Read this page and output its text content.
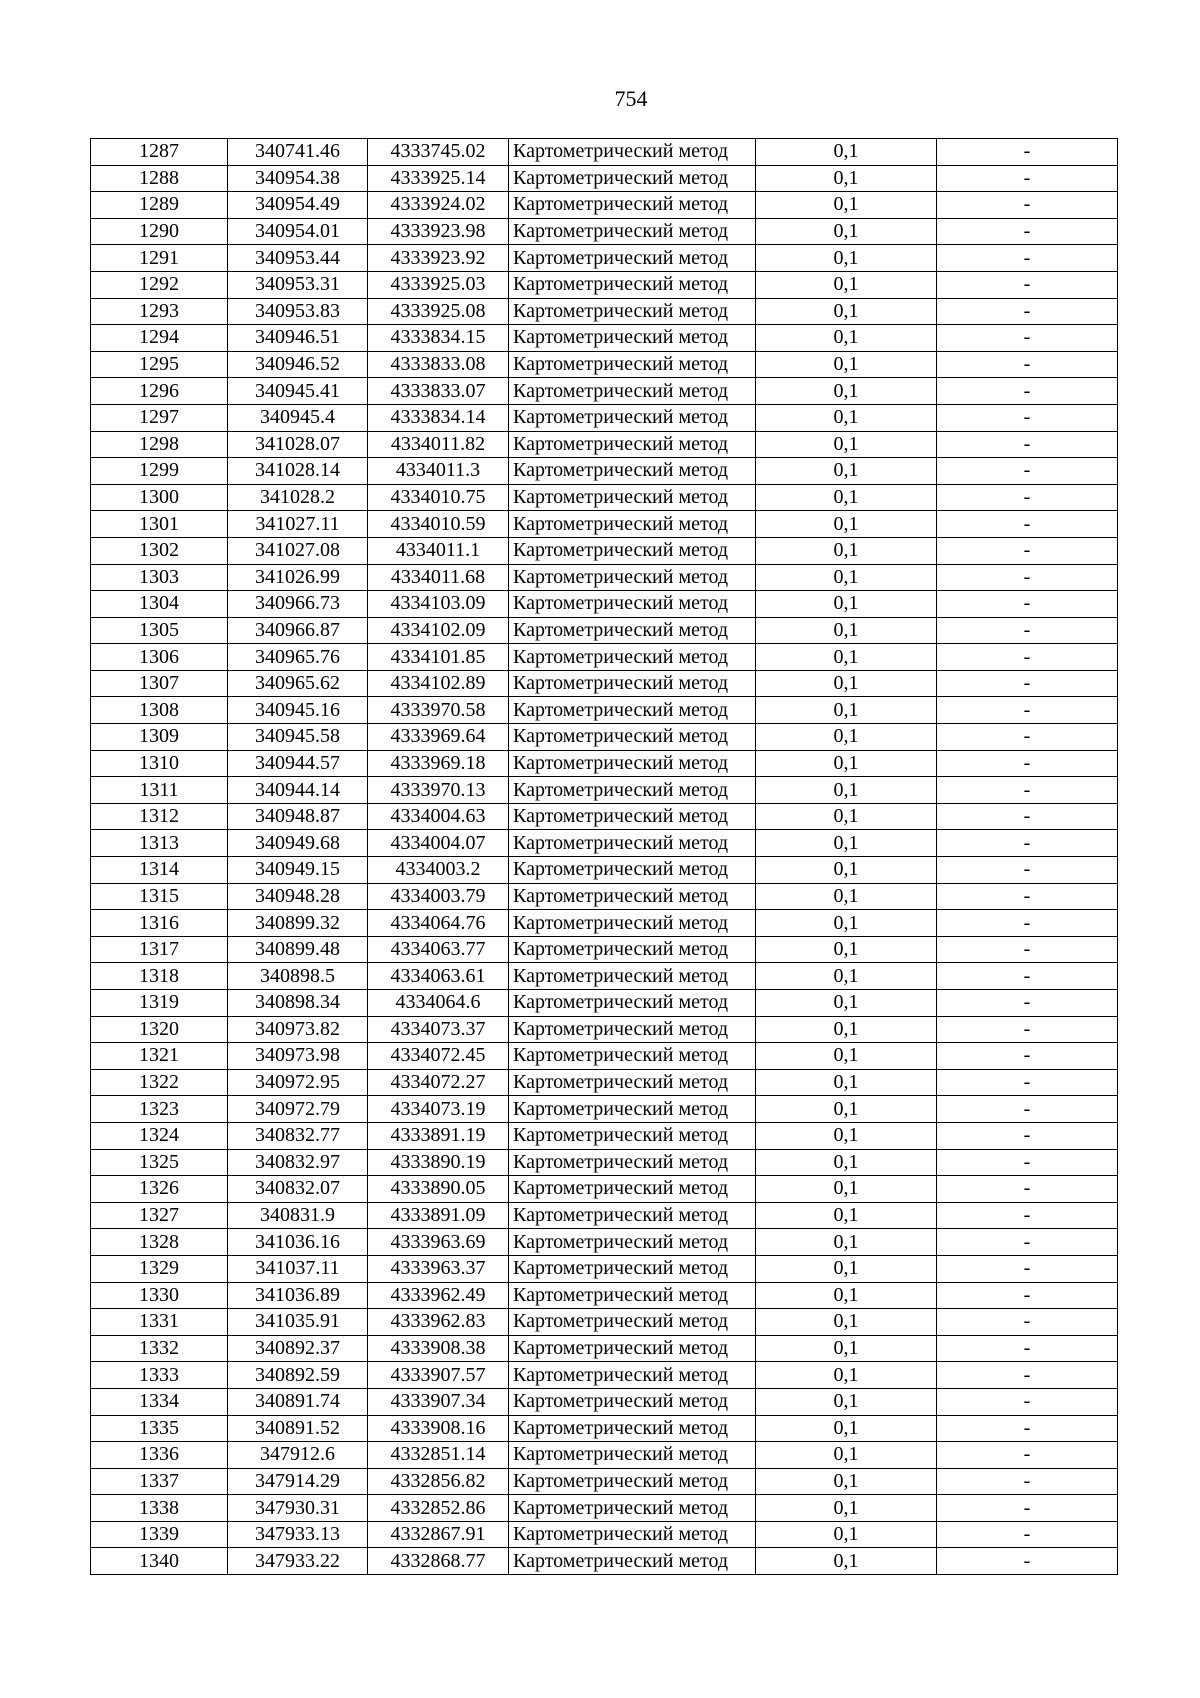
754
1287	340741.46	4333745.02	Картометрический метод	0,1	-
1288	340954.38	4333925.14	Картометрический метод	0,1	-
1289	340954.49	4333924.02	Картометрический метод	0,1	-
1290	340954.01	4333923.98	Картометрический метод	0,1	-
1291	340953.44	4333923.92	Картометрический метод	0,1	-
1292	340953.31	4333925.03	Картометрический метод	0,1	-
1293	340953.83	4333925.08	Картометрический метод	0,1	-
1294	340946.51	4333834.15	Картометрический метод	0,1	-
1295	340946.52	4333833.08	Картометрический метод	0,1	-
1296	340945.41	4333833.07	Картометрический метод	0,1	-
1297	340945.4	4333834.14	Картометрический метод	0,1	-
1298	341028.07	4334011.82	Картометрический метод	0,1	-
1299	341028.14	4334011.3	Картометрический метод	0,1	-
1300	341028.2	4334010.75	Картометрический метод	0,1	-
1301	341027.11	4334010.59	Картометрический метод	0,1	-
1302	341027.08	4334011.1	Картометрический метод	0,1	-
1303	341026.99	4334011.68	Картометрический метод	0,1	-
1304	340966.73	4334103.09	Картометрический метод	0,1	-
1305	340966.87	4334102.09	Картометрический метод	0,1	-
1306	340965.76	4334101.85	Картометрический метод	0,1	-
1307	340965.62	4334102.89	Картометрический метод	0,1	-
1308	340945.16	4333970.58	Картометрический метод	0,1	-
1309	340945.58	4333969.64	Картометрический метод	0,1	-
1310	340944.57	4333969.18	Картометрический метод	0,1	-
1311	340944.14	4333970.13	Картометрический метод	0,1	-
1312	340948.87	4334004.63	Картометрический метод	0,1	-
1313	340949.68	4334004.07	Картометрический метод	0,1	-
1314	340949.15	4334003.2	Картометрический метод	0,1	-
1315	340948.28	4334003.79	Картометрический метод	0,1	-
1316	340899.32	4334064.76	Картометрический метод	0,1	-
1317	340899.48	4334063.77	Картометрический метод	0,1	-
1318	340898.5	4334063.61	Картометрический метод	0,1	-
1319	340898.34	4334064.6	Картометрический метод	0,1	-
1320	340973.82	4334073.37	Картометрический метод	0,1	-
1321	340973.98	4334072.45	Картометрический метод	0,1	-
1322	340972.95	4334072.27	Картометрический метод	0,1	-
1323	340972.79	4334073.19	Картометрический метод	0,1	-
1324	340832.77	4333891.19	Картометрический метод	0,1	-
1325	340832.97	4333890.19	Картометрический метод	0,1	-
1326	340832.07	4333890.05	Картометрический метод	0,1	-
1327	340831.9	4333891.09	Картометрический метод	0,1	-
1328	341036.16	4333963.69	Картометрический метод	0,1	-
1329	341037.11	4333963.37	Картометрический метод	0,1	-
1330	341036.89	4333962.49	Картометрический метод	0,1	-
1331	341035.91	4333962.83	Картометрический метод	0,1	-
1332	340892.37	4333908.38	Картометрический метод	0,1	-
1333	340892.59	4333907.57	Картометрический метод	0,1	-
1334	340891.74	4333907.34	Картометрический метод	0,1	-
1335	340891.52	4333908.16	Картометрический метод	0,1	-
1336	347912.6	4332851.14	Картометрический метод	0,1	-
1337	347914.29	4332856.82	Картометрический метод	0,1	-
1338	347930.31	4332852.86	Картометрический метод	0,1	-
1339	347933.13	4332867.91	Картометрический метод	0,1	-
1340	347933.22	4332868.77	Картометрический метод	0,1	-
